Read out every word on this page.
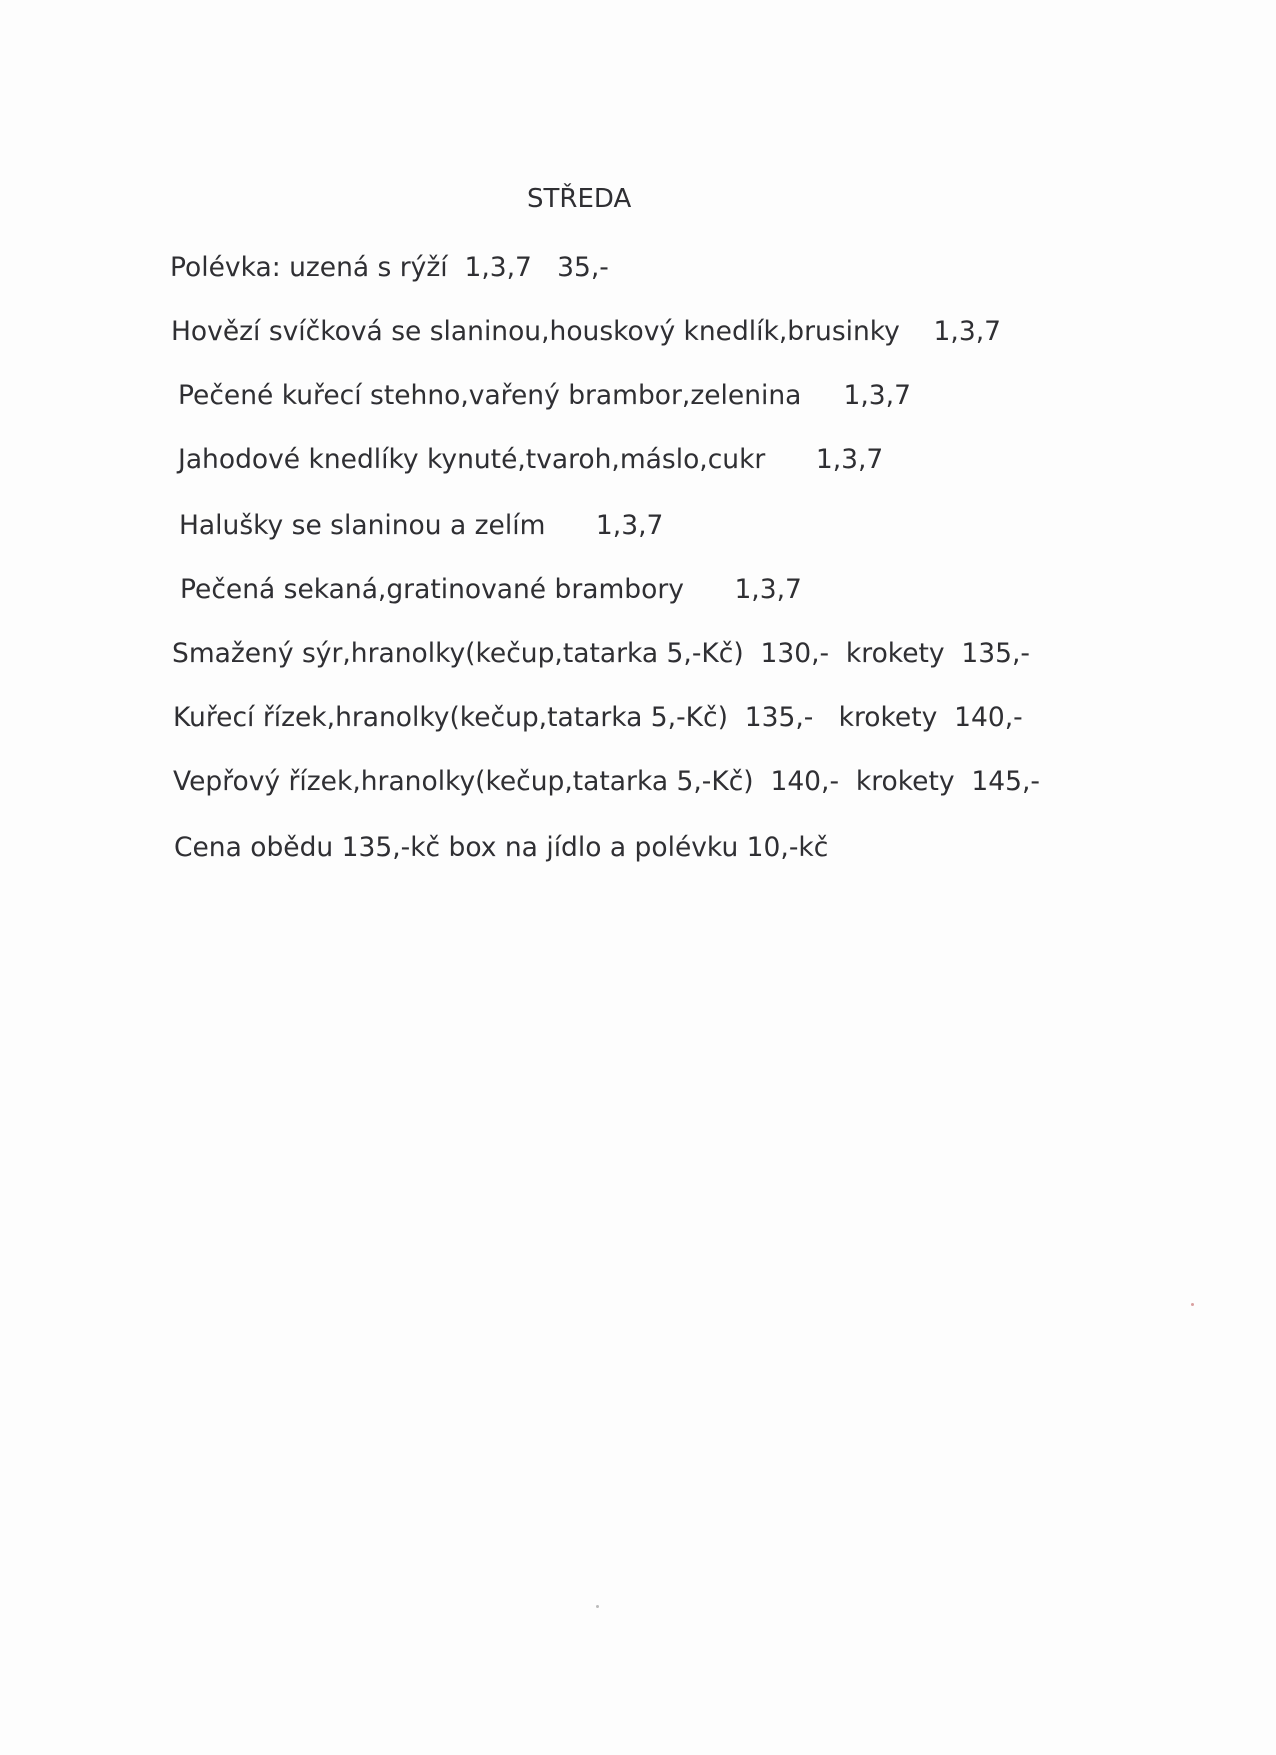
STŘEDA
Polévka: uzená s rýží  1,3,7   35,-
Hovězí svíčková se slaninou,houskový knedlík,brusinky    1,3,7
Pečené kuřecí stehno,vařený brambor,zelenina     1,3,7
Jahodové knedlíky kynuté,tvaroh,máslo,cukr      1,3,7
Halušky se slaninou a zelím      1,3,7
Pečená sekaná,gratinované brambory      1,3,7
Smažený sýr,hranolky(kečup,tatarka 5,-Kč)  130,-  krokety  135,-
Kuřecí řízek,hranolky(kečup,tatarka 5,-Kč)  135,-   krokety  140,-
Vepřový řízek,hranolky(kečup,tatarka 5,-Kč)  140,-  krokety  145,-
Cena obědu 135,-kč box na jídlo a polévku 10,-kč
